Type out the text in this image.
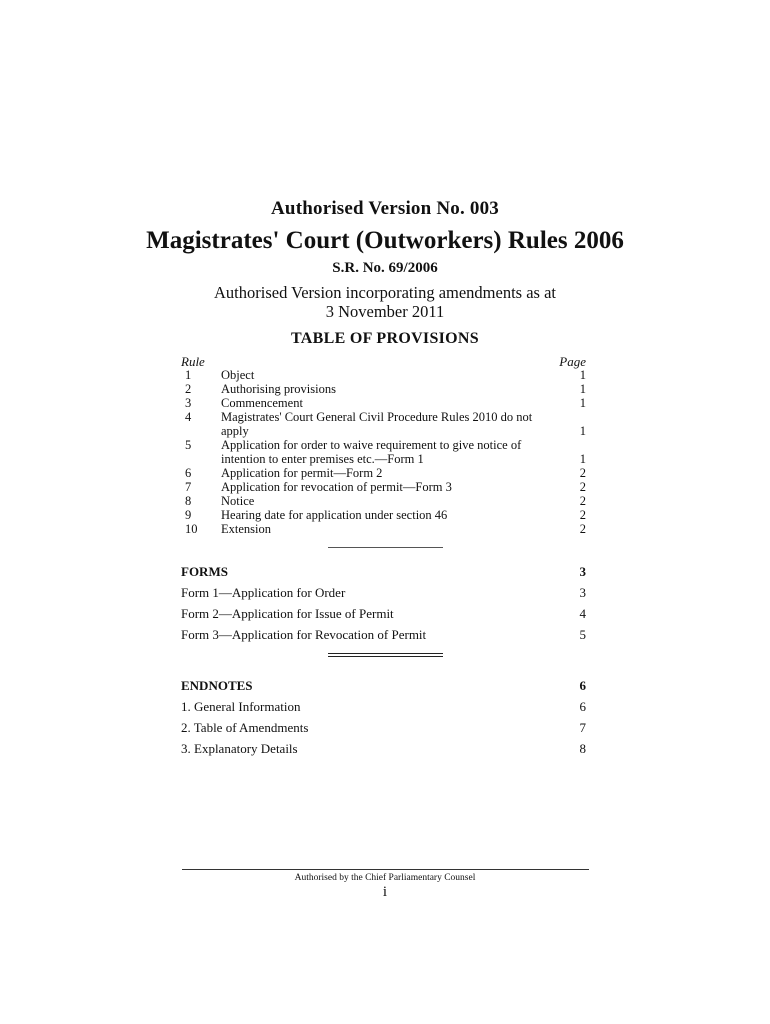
Authorised Version No. 003
Magistrates' Court (Outworkers) Rules 2006
S.R. No. 69/2006
Authorised Version incorporating amendments as at
3 November 2011
TABLE OF PROVISIONS
Rule	Page
1	Object	1
2	Authorising provisions	1
3	Commencement	1
4	Magistrates' Court General Civil Procedure Rules 2010 do not apply	1
5	Application for order to waive requirement to give notice of intention to enter premises etc.—Form 1	1
6	Application for permit—Form 2	2
7	Application for revocation of permit—Form 3	2
8	Notice	2
9	Hearing date for application under section 46	2
10	Extension	2
FORMS	3
Form 1—Application for Order	3
Form 2—Application for Issue of Permit	4
Form 3—Application for Revocation of Permit	5
ENDNOTES	6
1. General Information	6
2. Table of Amendments	7
3. Explanatory Details	8
Authorised by the Chief Parliamentary Counsel
i
